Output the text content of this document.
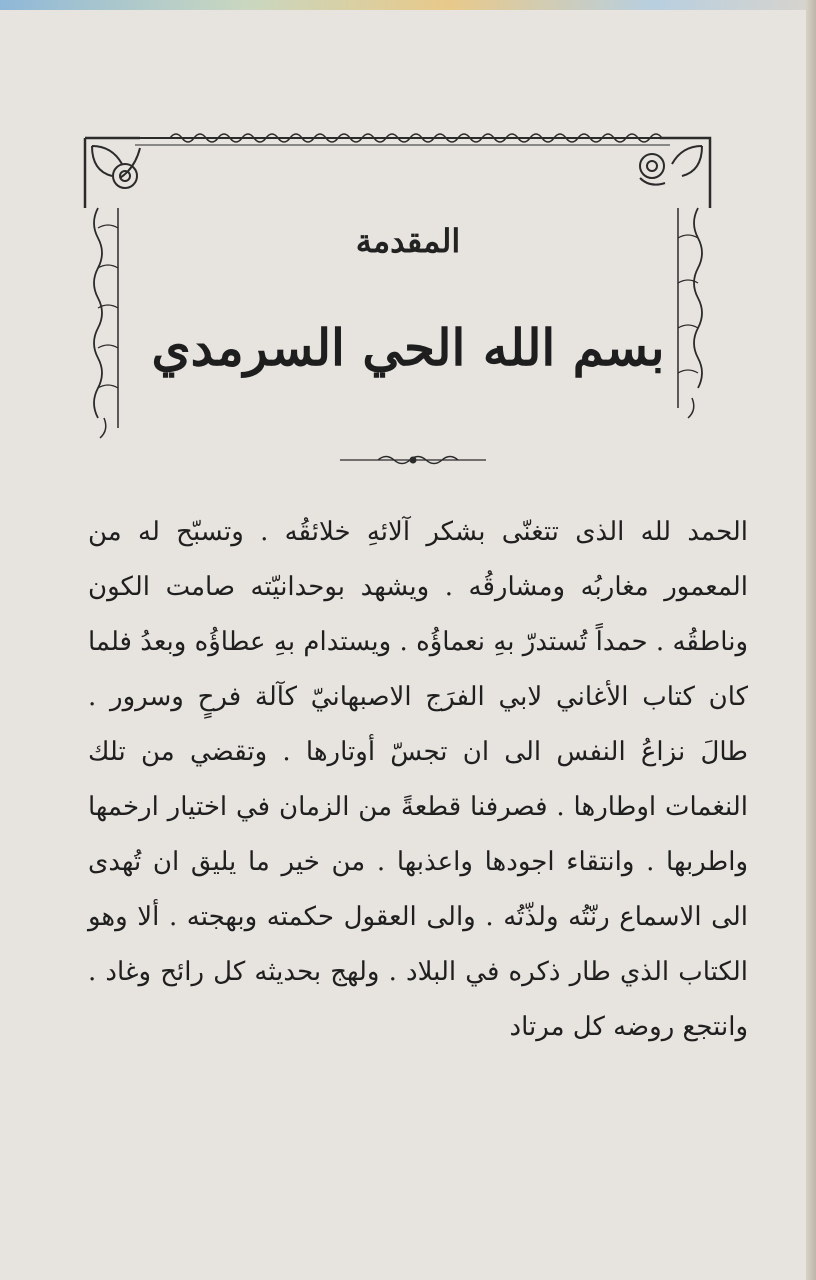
المقدمة
بسم الله الحي السرمدي

الحمد لله الذى تتغنّى بشكر آلائهِ خلائقُه . وتسبّح له من المعمور مغاربُه ومشارقُه . ويشهد بوحدانيّته صامت الكون وناطقُه . حمداً تُستدرّ بهِ نعماؤُه . ويستدام بهِ عطاؤُه وبعدُ فلما كان كتاب الأغاني لابي الفرَج الاصبهانيّ كآلة فرحٍ وسرور . طالَ نزاعُ النفس الى ان تجسّ أوتارها . وتقضي من تلك النغمات اوطارها . فصرفنا قطعةً من الزمان في اختيار ارخمها واطربها . وانتقاء اجودها واعذبها . من خير ما يليق ان تُهدى الى الاسماع رنّتُه ولذّتُه . والى العقول حكمته وبهجته . ألا وهو الكتاب الذي طار ذكره في البلاد . ولهج بحديثه كل رائح وغاد . وانتجع روضه كل مرتاد
